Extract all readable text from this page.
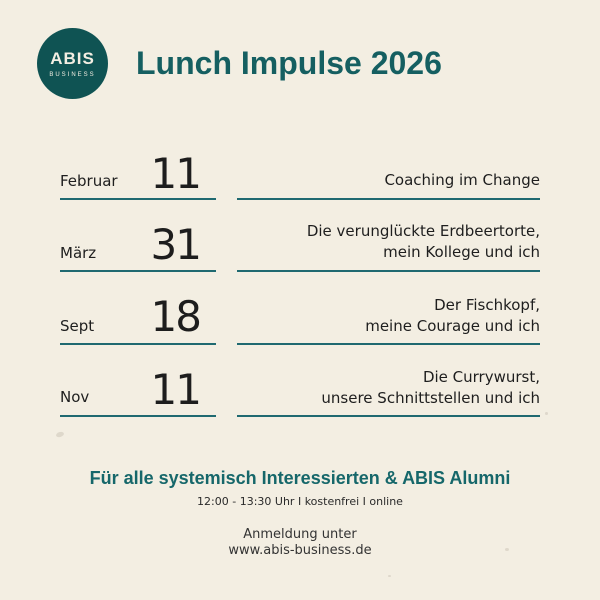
ABIS
BUSINESS	Lunch Impulse 2026
Februar 11	Coaching im Change
März	31	Die verunglückte Erdbeertorte,
mein Kollege und ich
Sept	18	Der Fischkopf,
meine Courage und ich
Nov	11	Die Currywurst,
unsere Schnittstellen und ich
Für alle systemisch Interessierten & ABIS Alumni
12:00 - 13:30 Uhr I kostenfrei I online
Anmeldung unter
www.abis-business.de
